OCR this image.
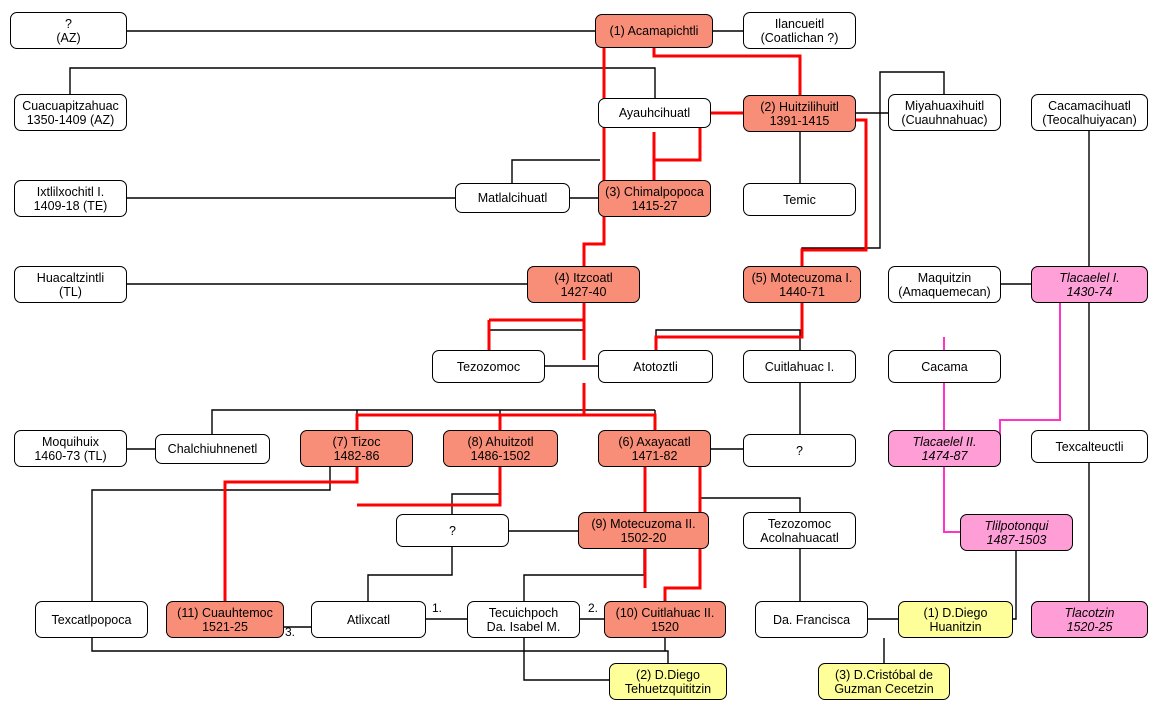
1.	2.
3.
?
(AZ)	(1) Acamapichtli
Ilancueitl
(Coatlichan ?)
Cuacuapitzahuac
1350-1409 (AZ)	Ayauhcihuatl	(2) Huitzilihuitl
1391-1415
Miyahuaxihuitl
(Cuauhnahuac)
Cacamacihuatl
(Teocalhuiyacan)
Ixtlilxochitl I.
1409-18 (TE)
Matlalcihuatl	(3) Chimalpopoca
1415-27	Temic
Huacaltzintli
(TL)
(4) Itzcoatl
1427-40
(5) Motecuzoma I.
1440-71
Maquitzin
(Amaquemecan)
Tlacaelel I.
1430-74
Tezozomoc	Atotoztli	Cuitlahuac I.	Cacama
Moquihuix
1460-73 (TL)	Chalchiuhnenetl
(7) Tizoc
1482-86
(8) Ahuitzotl
1486-1502
(6) Axayacatl
1471-82	?
Tlacaelel II.
1474-87
Texcalteuctli
?	(9) Motecuzoma II.
1502-20
Tezozomoc
Acolnahuacatl
Tlilpotonqui
1487-1503
Texcatlpopoca	(11) Cuauhtemoc
1521-25	Atlixcatl	Tecuichpoch
Da. Isabel M.
(10) Cuitlahuac II.
1520	Da. Francisca	(1) D.Diego
Huanitzin
Tlacotzin
1520-25
(2) D.Diego
Tehuetzquititzin
(3) D.Cristóbal de
Guzman Cecetzin
